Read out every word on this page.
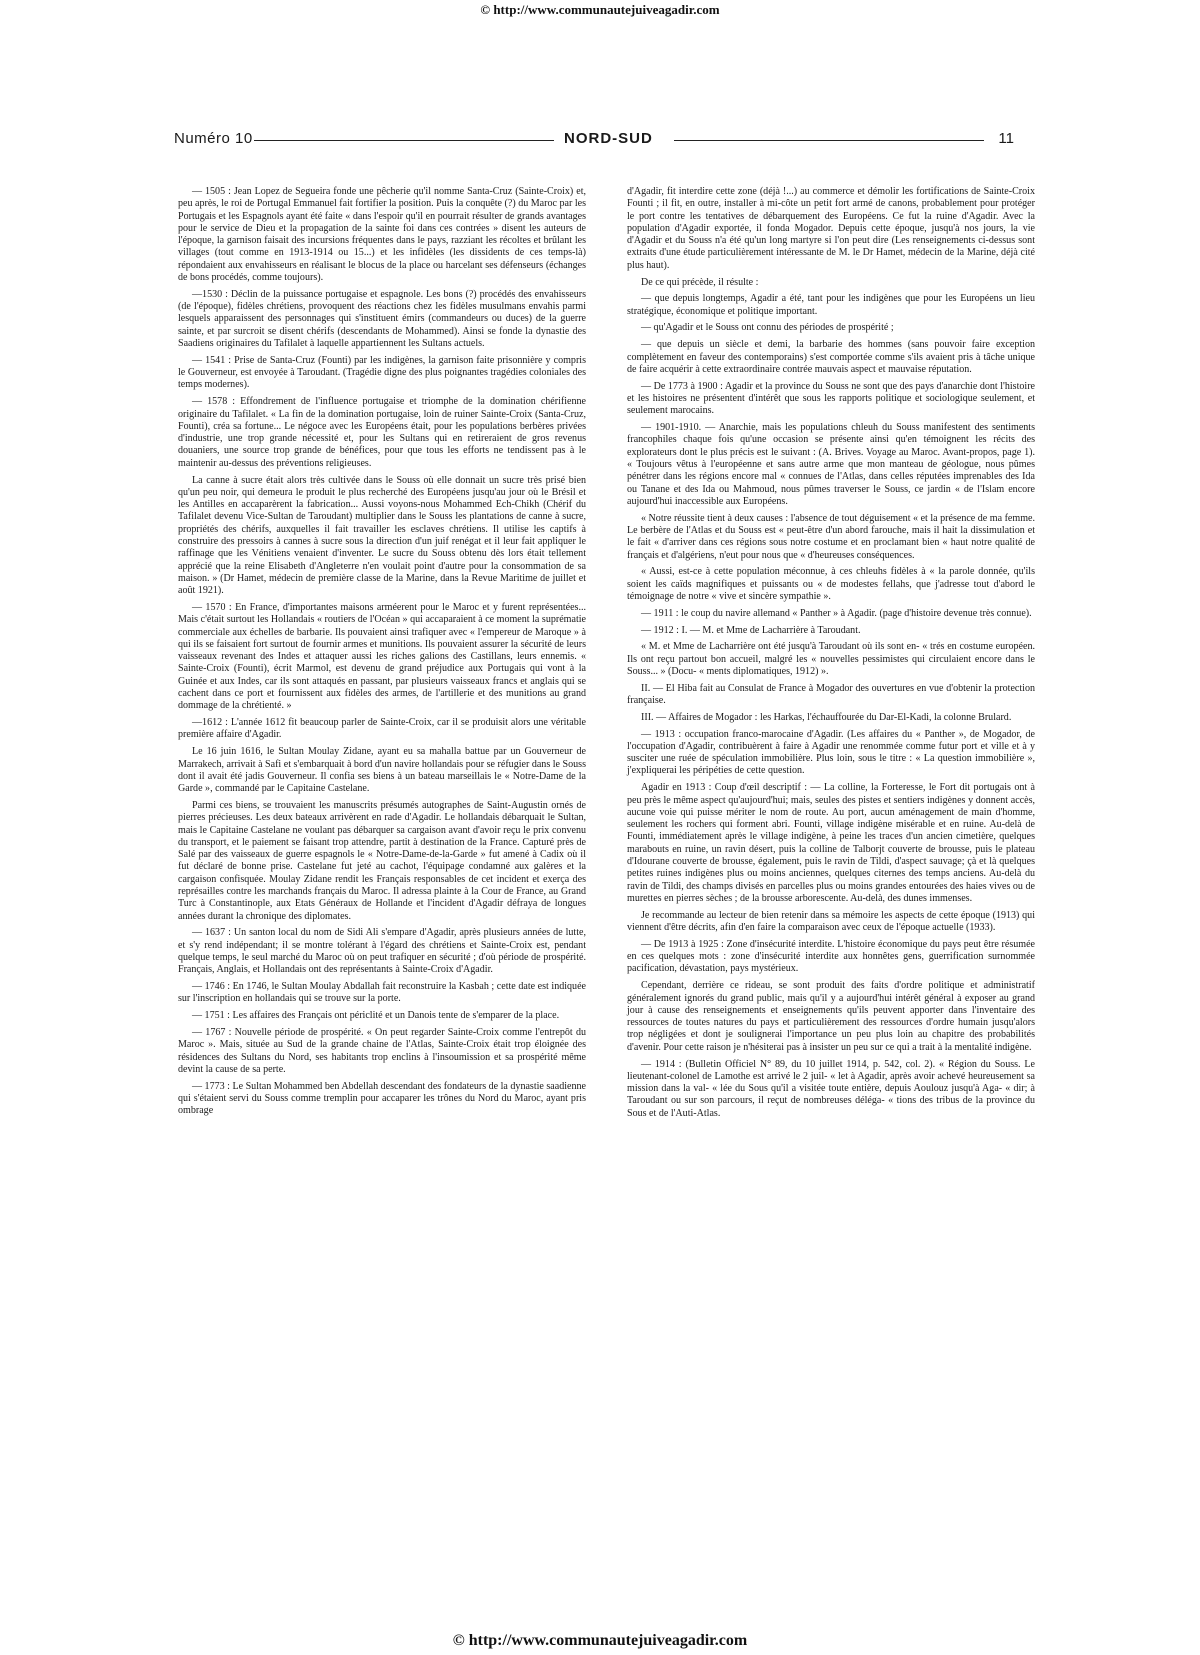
© http://www.communautejuiveagadir.com
Numéro 10	NORD-SUD	11

— 1505 : Jean Lopez de Segueira fonde une pêcherie qu'il nomme Santa-Cruz (Sainte-Croix) et, peu après, le roi de Portugal Emmanuel fait fortifier la position. Puis la conquête (?) du Maroc par les Portugais et les Espagnols ayant été faite « dans l'espoir qu'il en pourrait résulter de grands avantages pour le service de Dieu et la propagation de la sainte foi dans ces contrées » disent les auteurs de l'époque, la garnison faisait des incursions fréquentes dans le pays, razziant les récoltes et brûlant les villages (tout comme en 1913-1914 ou 15...) et les infidèles (les dissidents de ces temps-là) répondaient aux envahisseurs en réalisant le blocus de la place ou harcelant ses défenseurs (échanges de bons procédés, comme toujours).

—1530 : Déclin de la puissance portugaise et espagnole. Les bons (?) procédés des envahisseurs (de l'époque), fidèles chrétiens, provoquent des réactions chez les fidèles musulmans envahis parmi lesquels apparaissent des personnages qui s'instituent émirs (commandeurs ou duces) de la guerre sainte, et par surcroit se disent chérifs (descendants de Mohammed). Ainsi se fonde la dynastie des Saadiens originaires du Tafilalet à laquelle appartiennent les Sultans actuels.

— 1541 : Prise de Santa-Cruz (Founti) par les indigènes, la garnison faite prisonnière y compris le Gouverneur, est envoyée à Taroudant. (Tragédie digne des plus poignantes tragédies coloniales des temps modernes).

— 1578 : Effondrement de l'influence portugaise et triomphe de la domination chérifienne originaire du Tafilalet. « La fin de la domination portugaise, loin de ruiner Sainte-Croix (Santa-Cruz, Founti), créa sa fortune... Le négoce avec les Européens était, pour les populations berbères privées d'industrie, une trop grande nécessité et, pour les Sultans qui en retireraient de gros revenus douaniers, une source trop grande de bénéfices, pour que tous les efforts ne tendissent pas à le maintenir au-dessus des préventions religieuses.

La canne à sucre était alors très cultivée dans le Souss où elle donnait un sucre très prisé bien qu'un peu noir, qui demeura le produit le plus recherché des Européens jusqu'au jour où le Brésil et les Antilles en accaparèrent la fabrication... Aussi voyons-nous Mohammed Ech-Chikh (Chérif du Tafilalet devenu Vice-Sultan de Taroudant) multiplier dans le Souss les plantations de canne à sucre, propriétés des chérifs, auxquelles il fait travailler les esclaves chrétiens. Il utilise les captifs à construire des pressoirs à cannes à sucre sous la direction d'un juif renégat et il leur fait appliquer le raffinage que les Vénitiens venaient d'inventer. Le sucre du Souss obtenu dès lors était tellement apprécié que la reine Elisabeth d'Angleterre n'en voulait point d'autre pour la consommation de sa maison. » (Dr Hamet, médecin de première classe de la Marine, dans la Revue Maritime de juillet et août 1921).

— 1570 : En France, d'importantes maisons arméerent pour le Maroc et y furent représentées... Mais c'était surtout les Hollandais « routiers de l'Océan » qui accaparaient à ce moment la suprématie commerciale aux échelles de barbarie. Ils pouvaient ainsi trafiquer avec « l'empereur de Maroque » à qui ils se faisaient fort surtout de fournir armes et munitions. Ils pouvaient assurer la sécurité de leurs vaisseaux revenant des Indes et attaquer aussi les riches galions des Castillans, leurs ennemis. « Sainte-Croix (Founti), écrit Marmol, est devenu de grand préjudice aux Portugais qui vont à la Guinée et aux Indes, car ils sont attaqués en passant, par plusieurs vaisseaux francs et anglais qui se cachent dans ce port et fournissent aux fidèles des armes, de l'artillerie et des munitions au grand dommage de la chrétienté. »

—1612 : L'année 1612 fit beaucoup parler de Sainte-Croix, car il se produisit alors une véritable première affaire d'Agadir.

Le 16 juin 1616, le Sultan Moulay Zidane, ayant eu sa mahalla battue par un Gouverneur de Marrakech, arrivait à Safi et s'embarquait à bord d'un navire hollandais pour se réfugier dans le Souss dont il avait été jadis Gouverneur. Il confia ses biens à un bateau marseillais le « Notre-Dame de la Garde », commandé par le Capitaine Castelane.

Parmi ces biens, se trouvaient les manuscrits présumés autographes de Saint-Augustin ornés de pierres précieuses. Les deux bateaux arrivèrent en rade d'Agadir. Le hollandais débarquait le Sultan, mais le Capitaine Castelane ne voulant pas débarquer sa cargaison avant d'avoir reçu le prix convenu du transport, et le paiement se faisant trop attendre, partit à destination de la France. Capturé près de Salé par des vaisseaux de guerre espagnols le « Notre-Dame-de-la-Garde » fut amené à Cadix où il fut déclaré de bonne prise. Castelane fut jeté au cachot, l'équipage condamné aux galères et la cargaison confisquée. Moulay Zidane rendit les Français responsables de cet incident et exerça des représailles contre les marchands français du Maroc. Il adressa plainte à la Cour de France, au Grand Turc à Constantinople, aux Etats Généraux de Hollande et l'incident d'Agadir défraya de longues années durant la chronique des diplomates.

— 1637 : Un santon local du nom de Sidi Ali s'empare d'Agadir, après plusieurs années de lutte, et s'y rend indépendant; il se montre tolérant à l'égard des chrétiens et Sainte-Croix est, pendant quelque temps, le seul marché du Maroc où on peut trafiquer en sécurité ; d'où période de prospérité. Français, Anglais, et Hollandais ont des représentants à Sainte-Croix d'Agadir.

— 1746 : En 1746, le Sultan Moulay Abdallah fait reconstruire la Kasbah ; cette date est indiquée sur l'inscription en hollandais qui se trouve sur la porte.

— 1751 : Les affaires des Français ont périclité et un Danois tente de s'emparer de la place.

— 1767 : Nouvelle période de prospérité. « On peut regarder Sainte-Croix comme l'entrepôt du Maroc ». Mais, située au Sud de la grande chaine de l'Atlas, Sainte-Croix était trop éloignée des résidences des Sultans du Nord, ses habitants trop enclins à l'insoumission et sa prospérité même devint la cause de sa perte.

— 1773 : Le Sultan Mohammed ben Abdellah descendant des fondateurs de la dynastie saadienne qui s'étaient servi du Souss comme tremplin pour accaparer les trônes du Nord du Maroc, ayant pris ombrage

d'Agadir, fit interdire cette zone (déjà !...) au commerce et démolir les fortifications de Sainte-Croix Founti ; il fit, en outre, installer à mi-côte un petit fort armé de canons, probablement pour protéger le port contre les tentatives de débarquement des Européens. Ce fut la ruine d'Agadir. Avec la population d'Agadir exportée, il fonda Mogador. Depuis cette époque, jusqu'à nos jours, la vie d'Agadir et du Souss n'a été qu'un long martyre si l'on peut dire (Les renseignements ci-dessus sont extraits d'une étude particulièrement intéressante de M. le Dr Hamet, médecin de la Marine, déjà cité plus haut).

De ce qui précède, il résulte :

— que depuis longtemps, Agadir a été, tant pour les indigènes que pour les Européens un lieu stratégique, économique et politique important.

— qu'Agadir et le Souss ont connu des périodes de prospérité ;

— que depuis un siècle et demi, la barbarie des hommes (sans pouvoir faire exception complètement en faveur des contemporains) s'est comportée comme s'ils avaient pris à tâche unique de faire acquérir à cette extraordinaire contrée mauvais aspect et mauvaise réputation.

— De 1773 à 1900 : Agadir et la province du Souss ne sont que des pays d'anarchie dont l'histoire et les histoires ne présentent d'intérêt que sous les rapports politique et sociologique seulement, et seulement marocains.

— 1901-1910. — Anarchie, mais les populations chleuh du Souss manifestent des sentiments francophiles chaque fois qu'une occasion se présente ainsi qu'en témoignent les récits des explorateurs dont le plus précis est le suivant : (A. Brives. Voyage au Maroc. Avant-propos, page 1). « Toujours vêtus à l'européenne et sans autre arme que mon manteau de géologue, nous pûmes pénétrer dans les régions encore mal « connues de l'Atlas, dans celles réputées imprenables des Ida ou Tanane et des Ida ou Mahmoud, nous pûmes traverser le Souss, ce jardin « de l'Islam encore aujourd'hui inaccessible aux Européens.

« Notre réussite tient à deux causes : l'absence de tout déguisement « et la présence de ma femme. Le berbère de l'Atlas et du Souss est « peut-être d'un abord farouche, mais il hait la dissimulation et le fait « d'arriver dans ces régions sous notre costume et en proclamant bien « haut notre qualité de français et d'algériens, n'eut pour nous que « d'heureuses conséquences.

« Aussi, est-ce à cette population méconnue, à ces chleuhs fidèles à « la parole donnée, qu'ils soient les caïds magnifiques et puissants ou « de modestes fellahs, que j'adresse tout d'abord le témoignage de notre « vive et sincère sympathie ».

— 1911 : le coup du navire allemand « Panther » à Agadir. (page d'histoire devenue très connue).

— 1912 : I. — M. et Mme de Lacharrière à Taroudant.

« M. et Mme de Lacharrière ont été jusqu'à Taroudant où ils sont en- « trés en costume européen. Ils ont reçu partout bon accueil, malgré les « nouvelles pessimistes qui circulaient encore dans le Souss... » (Docu- « ments diplomatiques, 1912) ».

II. — El Hiba fait au Consulat de France à Mogador des ouvertures en vue d'obtenir la protection française.

III. — Affaires de Mogador : les Harkas, l'échauffourée du Dar-El-Kadi, la colonne Brulard.

— 1913 : occupation franco-marocaine d'Agadir. (Les affaires du « Panther », de Mogador, de l'occupation d'Agadir, contribuèrent à faire à Agadir une renommée comme futur port et ville et à y susciter une ruée de spéculation immobilière. Plus loin, sous le titre : « La question immobilière », j'expliquerai les péripéties de cette question.

Agadir en 1913 : Coup d'œil descriptif : — La colline, la Forteresse, le Fort dit portugais ont à peu près le même aspect qu'aujourd'hui; mais, seules des pistes et sentiers indigènes y donnent accès, aucune voie qui puisse mériter le nom de route. Au port, aucun aménagement de main d'homme, seulement les rochers qui forment abri. Founti, village indigène misérable et en ruine. Au-delà de Founti, immédiatement après le village indigène, à peine les traces d'un ancien cimetière, quelques marabouts en ruine, un ravin désert, puis la colline de Talborjt couverte de brousse, puis le plateau d'Idourane couverte de brousse, également, puis le ravin de Tildi, d'aspect sauvage; çà et là quelques petites ruines indigènes plus ou moins anciennes, quelques citernes des temps anciens. Au-delà du ravin de Tildi, des champs divisés en parcelles plus ou moins grandes entourées des haies vives ou de murettes en pierres sèches ; de la brousse arborescente. Au-delà, des dunes immenses.

Je recommande au lecteur de bien retenir dans sa mémoire les aspects de cette époque (1913) qui viennent d'être décrits, afin d'en faire la comparaison avec ceux de l'époque actuelle (1933).

— De 1913 à 1925 : Zone d'insécurité interdite. L'histoire économique du pays peut être résumée en ces quelques mots : zone d'insécurité interdite aux honnêtes gens, guerrification surnommée pacification, dévastation, pays mystérieux.

Cependant, derrière ce rideau, se sont produit des faits d'ordre politique et administratif généralement ignorés du grand public, mais qu'il y a aujourd'hui intérêt général à exposer au grand jour à cause des renseignements et enseignements qu'ils peuvent apporter dans l'inventaire des ressources de toutes natures du pays et particulièrement des ressources d'ordre humain jusqu'alors trop négligées et dont je soulignerai l'importance un peu plus loin au chapitre des probabilités d'avenir. Pour cette raison je n'hésiterai pas à insister un peu sur ce qui a trait à la mentalité indigène.

— 1914 : (Bulletin Officiel N° 89, du 10 juillet 1914, p. 542, col. 2). « Région du Souss. Le lieutenant-colonel de Lamothe est arrivé le 2 juil- « let à Agadir, après avoir achevé heureusement sa mission dans la val- « lée du Sous qu'il a visitée toute entière, depuis Aoulouz jusqu'à Aga- « dir; à Taroudant ou sur son parcours, il reçut de nombreuses déléga- « tions des tribus de la province du Sous et de l'Auti-Atlas.

© http://www.communautejuiveagadir.com
